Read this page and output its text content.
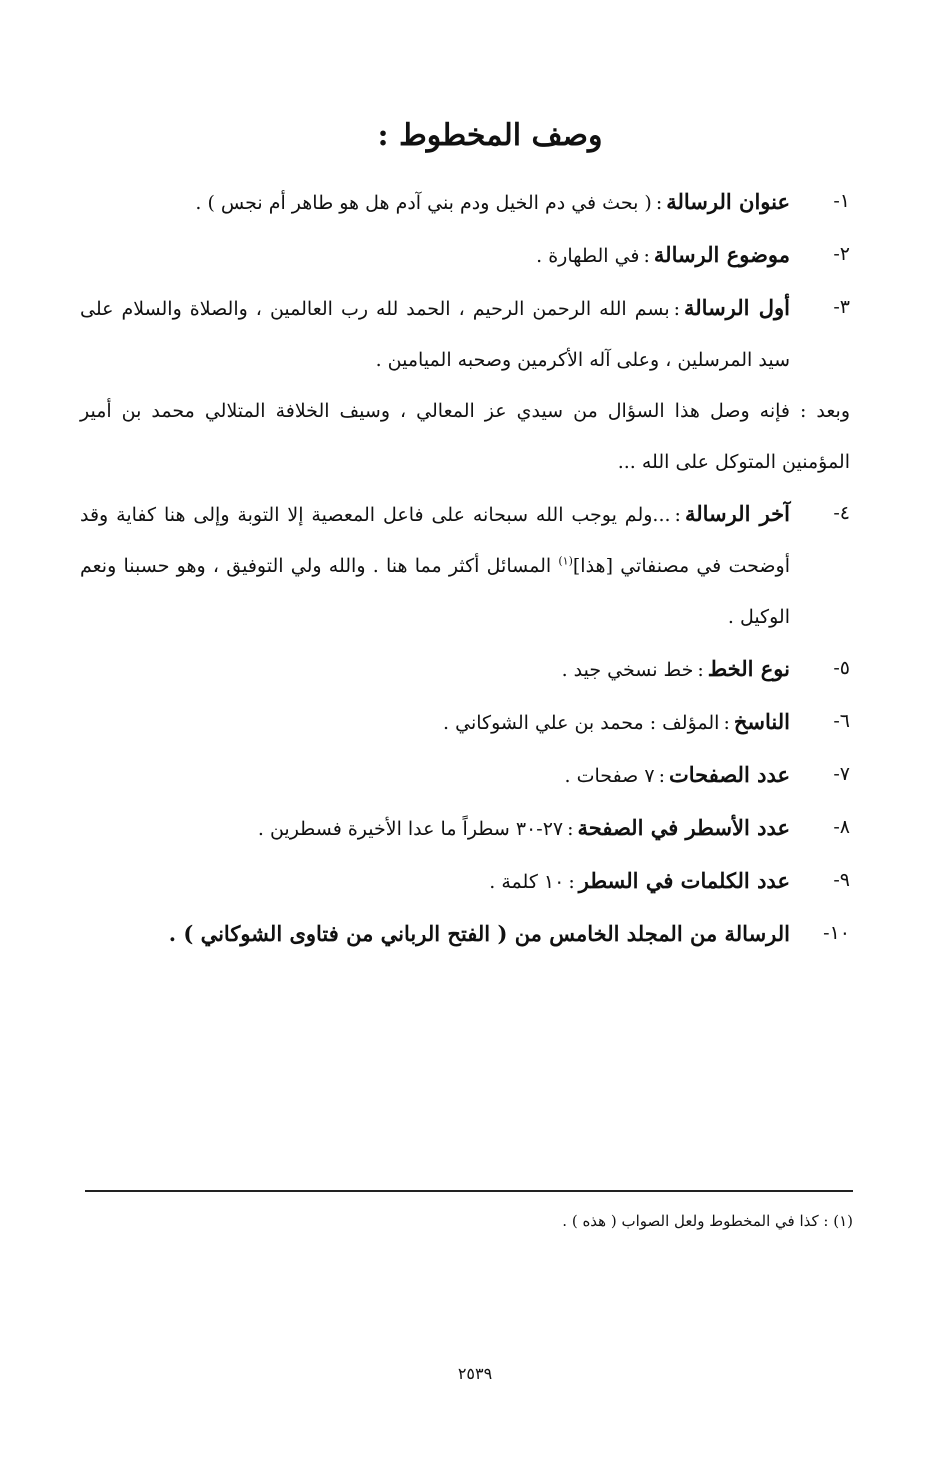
وصف المخطوط :
١-
عنوان الرسالة:( بحث في دم الخيل ودم بني آدم هل هو طاهر أم نجس ) .
٢-
موضوع الرسالة:في الطهارة .
٣-
أول الرسالة:بسم الله الرحمن الرحيم ، الحمد لله رب العالمين ، والصلاة والسلام على سيد المرسلين ، وعلى آله الأكرمين وصحبه الميامين .
وبعد : فإنه وصل هذا السؤال من سيدي عز المعالي ، وسيف الخلافة المتلالي محمد بن أمير المؤمنين المتوكل على الله ...
٤-
آخر الرسالة:...ولم يوجب الله سبحانه على فاعل المعصية إلا التوبة وإلى هنا كفاية وقد أوضحت في مصنفاتي [هذا]$^{(١)}$ المسائل أكثر مما هنا . والله ولي التوفيق ، وهو حسبنا ونعم الوكيل .
٥-
نوع الخط:خط نسخي جيد .
٦-
الناسخ:المؤلف : محمد بن علي الشوكاني .
٧-
عدد الصفحات:٧ صفحات .
٨-
عدد الأسطر في الصفحة:٢٧-٣٠ سطراً ما عدا الأخيرة فسطرين .
٩-
عدد الكلمات في السطر:١٠ كلمة .
١٠-
الرسالة من المجلد الخامس من ( الفتح الرباني من فتاوى الشوكاني ) .
(١) : كذا في المخطوط ولعل الصواب ( هذه ) .
٢٥٣٩
